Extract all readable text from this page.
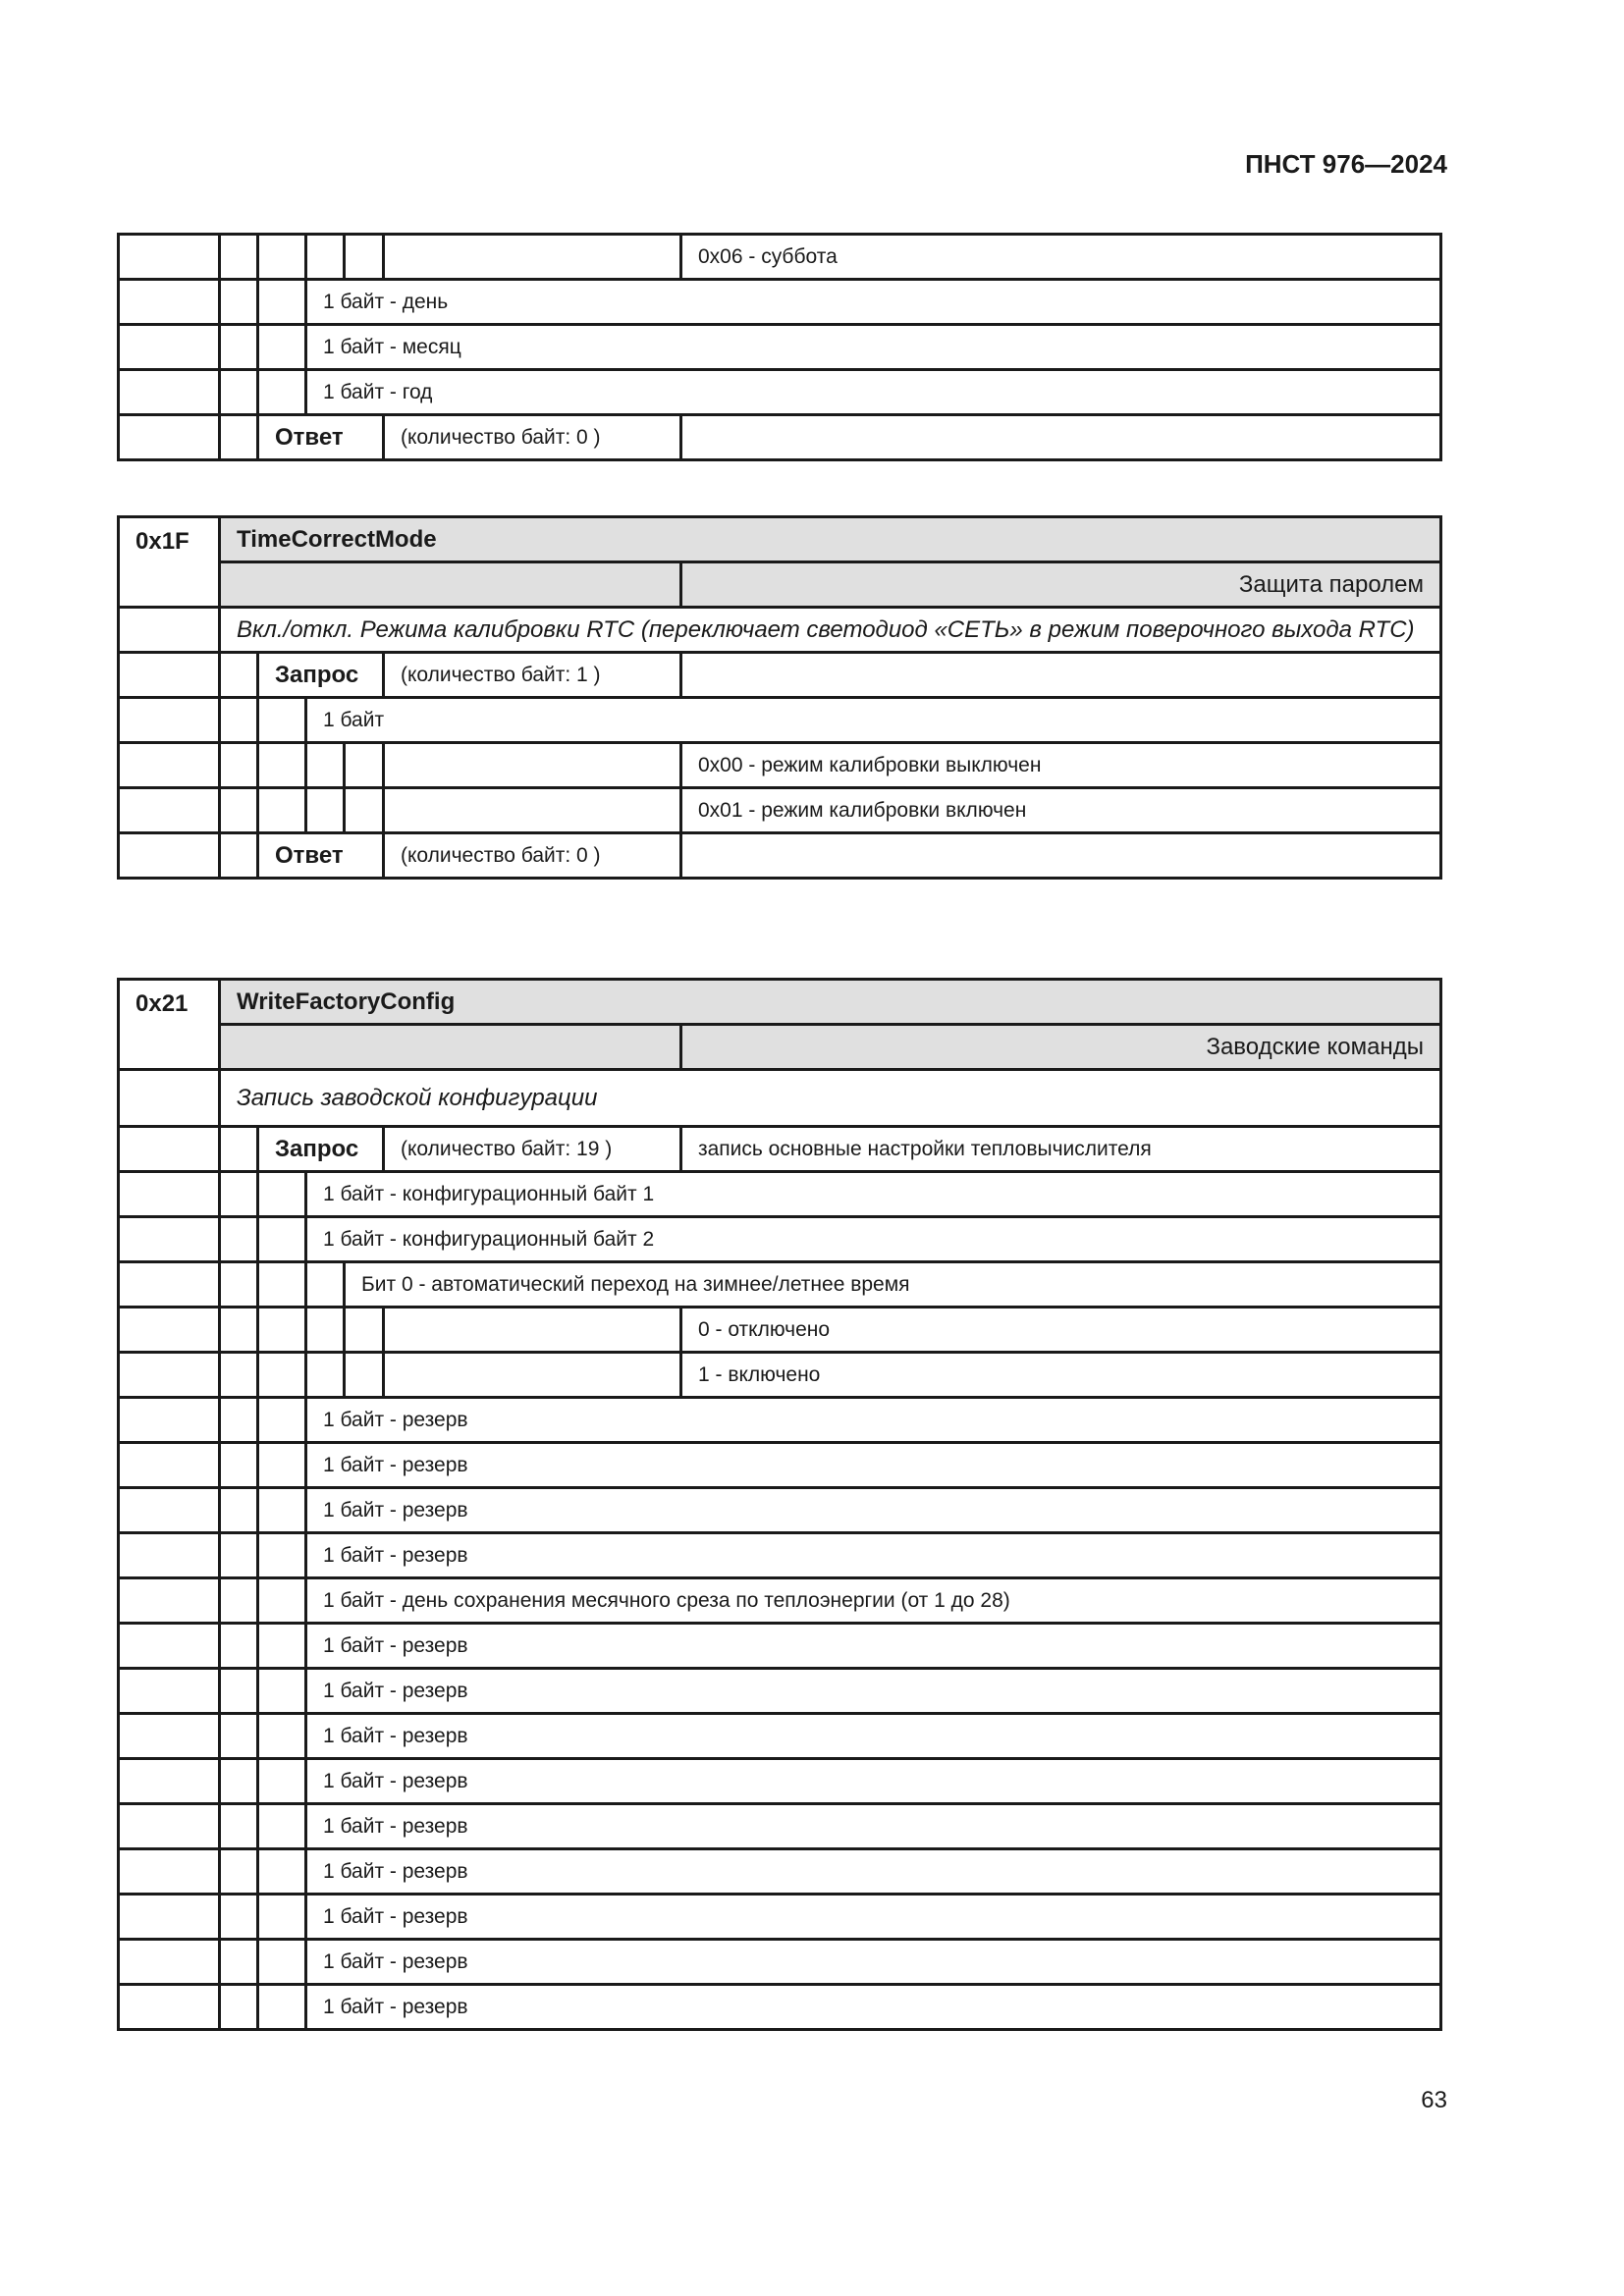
ПНСТ 976—2024
						0x06 - суббота
			1 байт - день			
			1 байт - месяц			
			1 байт - год			
		Ответ			(количество байт: 0 )	
0x1F	TimeCorrectMode					
						Защита паролем
	Вкл./откл. Режима калибровки RTC (переключает светодиод «СЕТЬ» в режим поверочного выхода RTC)					
		Запрос			(количество байт: 1 )	
			1 байт			
						0x00 - режим калибровки выключен
						0x01 - режим калибровки включен
		Ответ			(количество байт: 0 )	
0x21	WriteFactoryConfig					
						Заводские команды
	Запись заводской конфигурации					
		Запрос			(количество байт: 19 )	запись основные настройки тепловычислителя
			1 байт - конфигурационный байт 1			
			1 байт - конфигурационный байт 2			
				Бит 0 - автоматический переход на зимнее/летнее время		
						0 - отключено
						1 - включено
			1 байт - резерв			
			1 байт - резерв			
			1 байт - резерв			
			1 байт - резерв			
			1 байт - день сохранения месячного среза по теплоэнергии (от 1 до 28)			
			1 байт - резерв			
			1 байт - резерв			
			1 байт - резерв			
			1 байт - резерв			
			1 байт - резерв			
			1 байт - резерв			
			1 байт - резерв			
			1 байт - резерв			
			1 байт - резерв			
63
